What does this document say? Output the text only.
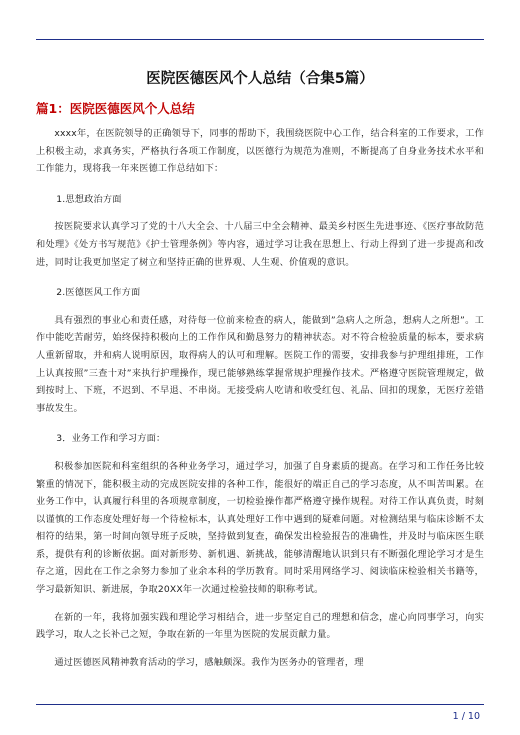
医院医德医风个人总结（合集5篇）
篇1：医院医德医风个人总结

xxxx年，在医院领导的正确领导下，同事的帮助下，我围绕医院中心工作，结合科室的工作要求，工作上积极主动，求真务实，严格执行各项工作制度，以医德行为规范为准则，不断提高了自身业务技术水平和工作能力，现将我一年来医德工作总结如下：

1.思想政治方面

按医院要求认真学习了党的十八大全会、十八届三中全会精神、最美乡村医生先进事迹、《医疗事故防范和处理》《处方书写规范》《护士管理条例》等内容，通过学习让我在思想上、行动上得到了进一步提高和改进，同时让我更加坚定了树立和坚持正确的世界观、人生观、价值观的意识。

2.医德医风工作方面

具有强烈的事业心和责任感，对待每一位前来检查的病人，能做到”急病人之所急，想病人之所想”。工作中能吃苦耐劳，始终保持积极向上的工作作风和勤恳努力的精神状态。对不符合检验质量的标本，要求病人重新留取，并和病人说明原因，取得病人的认可和理解。医院工作的需要，安排我参与护理组排班，工作上认真按照”三查十对”来执行护理操作，现已能够熟练掌握常规护理操作技术。严格遵守医院管理规定，做到按时上、下班，不迟到、不早退、不串岗。无接受病人吃请和收受红包、礼品、回扣的现象，无医疗差错事故发生。

3．业务工作和学习方面：

积极参加医院和科室组织的各种业务学习，通过学习，加强了自身素质的提高。在学习和工作任务比较繁重的情况下，能积极主动的完成医院安排的各种工作，能很好的端正自己的学习态度，从不叫苦叫累。在业务工作中，认真履行科里的各项规章制度，一切检验操作都严格遵守操作规程。对待工作认真负责，时刻以谨慎的工作态度处理好每一个待检标本，认真处理好工作中遇到的疑难问题。对检测结果与临床诊断不太相符的结果，第一时间向领导班子反映，坚持做到复查，确保发出检验报告的准确性，并及时与临床医生联系，提供有利的诊断依据。面对新形势、新机遇、新挑战，能够清醒地认识到只有不断强化理论学习才是生存之道，因此在工作之余努力参加了业余本科的学历教育。同时采用网络学习、阅读临床检验相关书籍等，学习最新知识、新进展，争取20XX年一次通过检验技师的职称考试。

在新的一年，我将加强实践和理论学习相结合，进一步坚定自己的理想和信念，虚心向同事学习，向实践学习，取人之长补己之短，争取在新的一年里为医院的发展贡献力量。

通过医德医风精神教育活动的学习，感触颇深。我作为医务办的管理者，理

1 / 10
